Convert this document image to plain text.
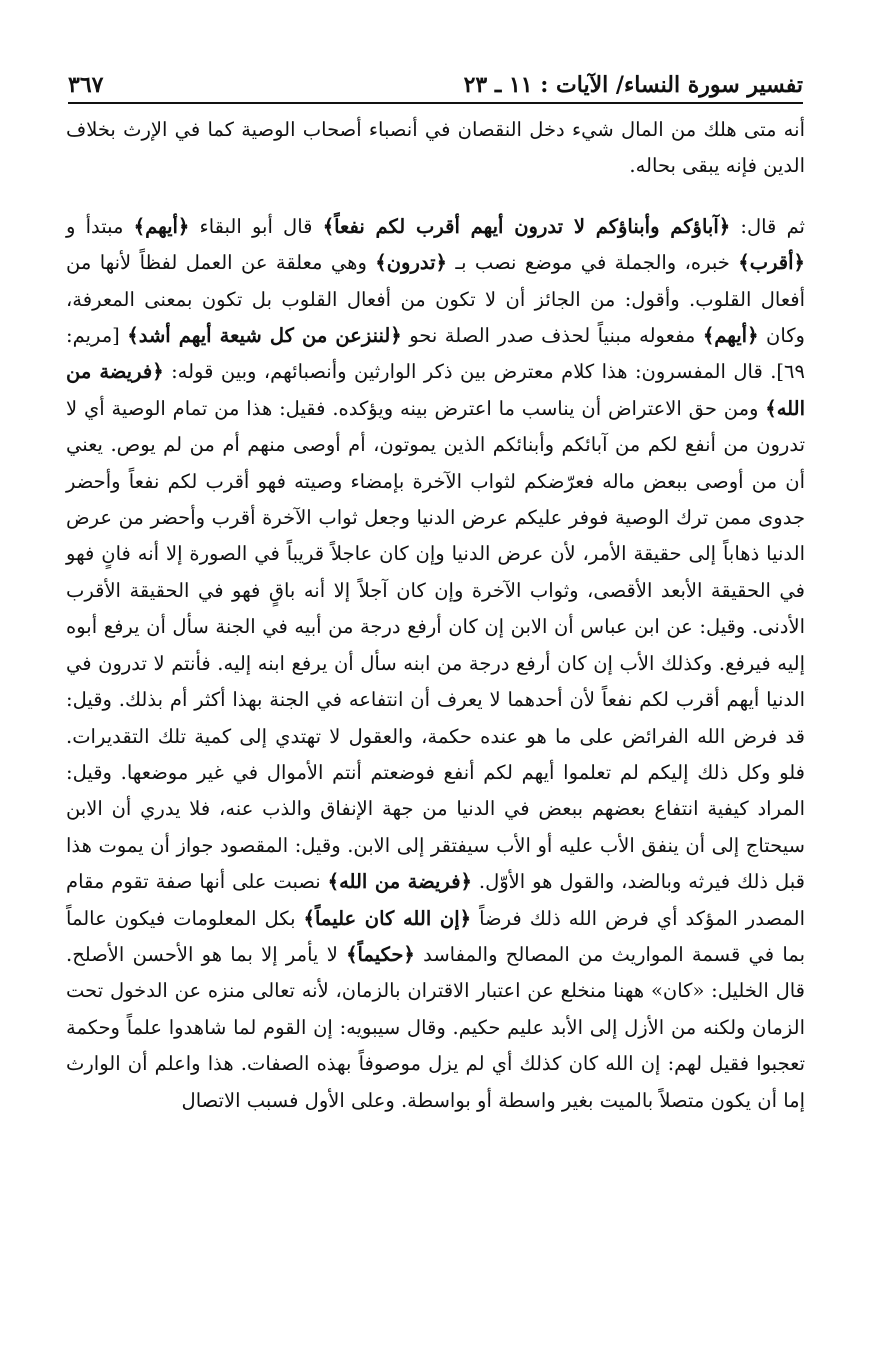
تفسير سورة النساء/ الآيات : ١١ ـ ٢٣
٣٦٧

أنه متى هلك من المال شيء دخل النقصان في أنصباء أصحاب الوصية كما في الإرث بخلاف الدين فإنه يبقى بحاله.

ثم قال: ﴿آباؤكم وأبناؤكم لا تدرون أيهم أقرب لكم نفعاً﴾ قال أبو البقاء ﴿أيهم﴾ مبتدأ و ﴿أقرب﴾ خبره، والجملة في موضع نصب بـ ﴿تدرون﴾ وهي معلقة عن العمل لفظاً لأنها من أفعال القلوب. وأقول: من الجائز أن لا تكون من أفعال القلوب بل تكون بمعنى المعرفة، وكان ﴿أيهم﴾ مفعوله مبنياً لحذف صدر الصلة نحو ﴿لننزعن من كل شيعة أيهم أشد﴾ [مريم: ٦٩]. قال المفسرون: هذا كلام معترض بين ذكر الوارثين وأنصبائهم، وبين قوله: ﴿فريضة من الله﴾ ومن حق الاعتراض أن يناسب ما اعترض بينه ويؤكده. فقيل: هذا من تمام الوصية أي لا تدرون من أنفع لكم من آبائكم وأبنائكم الذين يموتون، أم أوصى منهم أم من لم يوص. يعني أن من أوصى ببعض ماله فعرّضكم لثواب الآخرة بإمضاء وصيته فهو أقرب لكم نفعاً وأحضر جدوى ممن ترك الوصية فوفر عليكم عرض الدنيا وجعل ثواب الآخرة أقرب وأحضر من عرض الدنيا ذهاباً إلى حقيقة الأمر، لأن عرض الدنيا وإن كان عاجلاً قريباً في الصورة إلا أنه فانٍ فهو في الحقيقة الأبعد الأقصى، وثواب الآخرة وإن كان آجلاً إلا أنه باقٍ فهو في الحقيقة الأقرب الأدنى. وقيل: عن ابن عباس أن الابن إن كان أرفع درجة من أبيه في الجنة سأل أن يرفع أبوه إليه فيرفع. وكذلك الأب إن كان أرفع درجة من ابنه سأل أن يرفع ابنه إليه. فأنتم لا تدرون في الدنيا أيهم أقرب لكم نفعاً لأن أحدهما لا يعرف أن انتفاعه في الجنة بهذا أكثر أم بذلك. وقيل: قد فرض الله الفرائض على ما هو عنده حكمة، والعقول لا تهتدي إلى كمية تلك التقديرات. فلو وكل ذلك إليكم لم تعلموا أيهم لكم أنفع فوضعتم أنتم الأموال في غير موضعها. وقيل: المراد كيفية انتفاع بعضهم ببعض في الدنيا من جهة الإنفاق والذب عنه، فلا يدري أن الابن سيحتاج إلى أن ينفق الأب عليه أو الأب سيفتقر إلى الابن. وقيل: المقصود جواز أن يموت هذا قبل ذلك فيرثه وبالضد، والقول هو الأوّل. ﴿فريضة من الله﴾ نصبت على أنها صفة تقوم مقام المصدر المؤكد أي فرض الله ذلك فرضاً ﴿إن الله كان عليماً﴾ بكل المعلومات فيكون عالماً بما في قسمة المواريث من المصالح والمفاسد ﴿حكيماً﴾ لا يأمر إلا بما هو الأحسن الأصلح. قال الخليل: «كان» ههنا منخلع عن اعتبار الاقتران بالزمان، لأنه تعالى منزه عن الدخول تحت الزمان ولكنه من الأزل إلى الأبد عليم حكيم. وقال سيبويه: إن القوم لما شاهدوا علماً وحكمة تعجبوا فقيل لهم: إن الله كان كذلك أي لم يزل موصوفاً بهذه الصفات. هذا واعلم أن الوارث إما أن يكون متصلاً بالميت بغير واسطة أو بواسطة. وعلى الأول فسبب الاتصال
